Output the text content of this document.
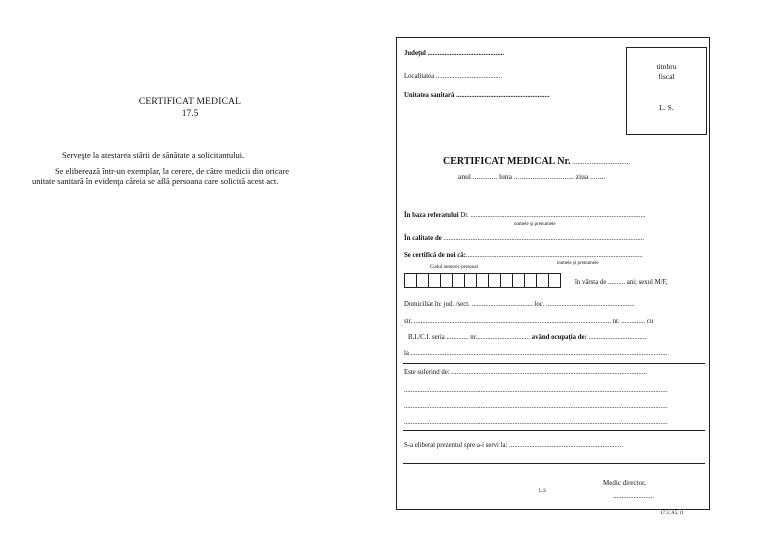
CERTIFICAT MEDICAL
17.5
Serveşte la atestarea stării de sănătate a solicitantului.
Se eliberează într-un exemplar, la cerere, de către medicii din oricare
unitate sanitară în evidenţa căreia se află persoana care solicită acest act.
Judeţul .............................................
Localitatea .......................................
Unitatea sanitară .......................................................
timbru
fiscal
L. S.
CERTIFICAT MEDICAL Nr. .................................
anul ............. luna ................................ ziua ........
În baza referatului Dr. .......................................................................................................
numele şi prenumele
În calitate de ......................................................................................................................
Se certifică de noi că:........................................................................................................
Codul numeric personal
numele şi prenumele
în vârsta de .......... ani; sexul M/F,
Domiciliat în: jud. /sect. .................................... loc. ....................................................
str. .................................................................................................................... nr. .............. cu
B.I./C.I. seria ............. nr................................ având ocupaţia de: ..................................
la .......................................................................................................................................................
Este suferind de: ...................................................................................................................
...........................................................................................................................................................
...........................................................................................................................................................
...........................................................................................................................................................
S-a eliberat prezentul spre a-i servi la: ...................................................................
Medic director,
........................
L.S
17.5; A5; t1
